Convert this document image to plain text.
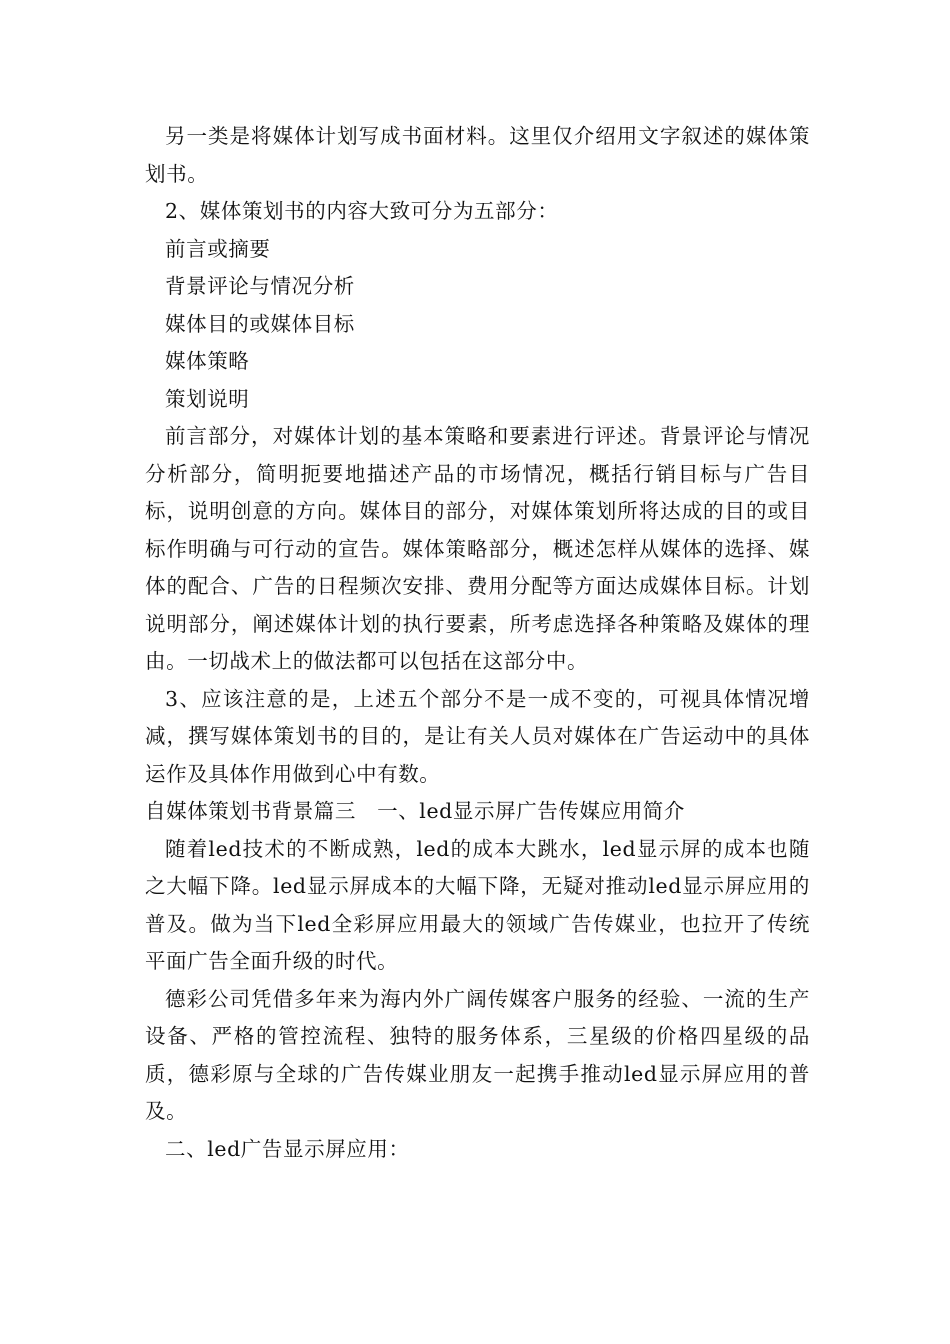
另一类是将媒体计划写成书面材料。这里仅介绍用文字叙述的媒体策划书。

2、媒体策划书的内容大致可分为五部分：

前言或摘要

背景评论与情况分析

媒体目的或媒体目标

媒体策略

策划说明

前言部分，对媒体计划的基本策略和要素进行评述。背景评论与情况分析部分，简明扼要地描述产品的市场情况，概括行销目标与广告目标，说明创意的方向。媒体目的部分，对媒体策划所将达成的目的或目标作明确与可行动的宣告。媒体策略部分，概述怎样从媒体的选择、媒体的配合、广告的日程频次安排、费用分配等方面达成媒体目标。计划说明部分，阐述媒体计划的执行要素，所考虑选择各种策略及媒体的理由。一切战术上的做法都可以包括在这部分中。

3、应该注意的是，上述五个部分不是一成不变的，可视具体情况增减，撰写媒体策划书的目的，是让有关人员对媒体在广告运动中的具体运作及具体作用做到心中有数。

自媒体策划书背景篇三　一、led显示屏广告传媒应用简介

随着led技术的不断成熟，led的成本大跳水，led显示屏的成本也随之大幅下降。led显示屏成本的大幅下降，无疑对推动led显示屏应用的普及。做为当下led全彩屏应用最大的领域广告传媒业，也拉开了传统平面广告全面升级的时代。

德彩公司凭借多年来为海内外广阔传媒客户服务的经验、一流的生产设备、严格的管控流程、独特的服务体系，三星级的价格四星级的品质，德彩原与全球的广告传媒业朋友一起携手推动led显示屏应用的普及。

二、led广告显示屏应用：
